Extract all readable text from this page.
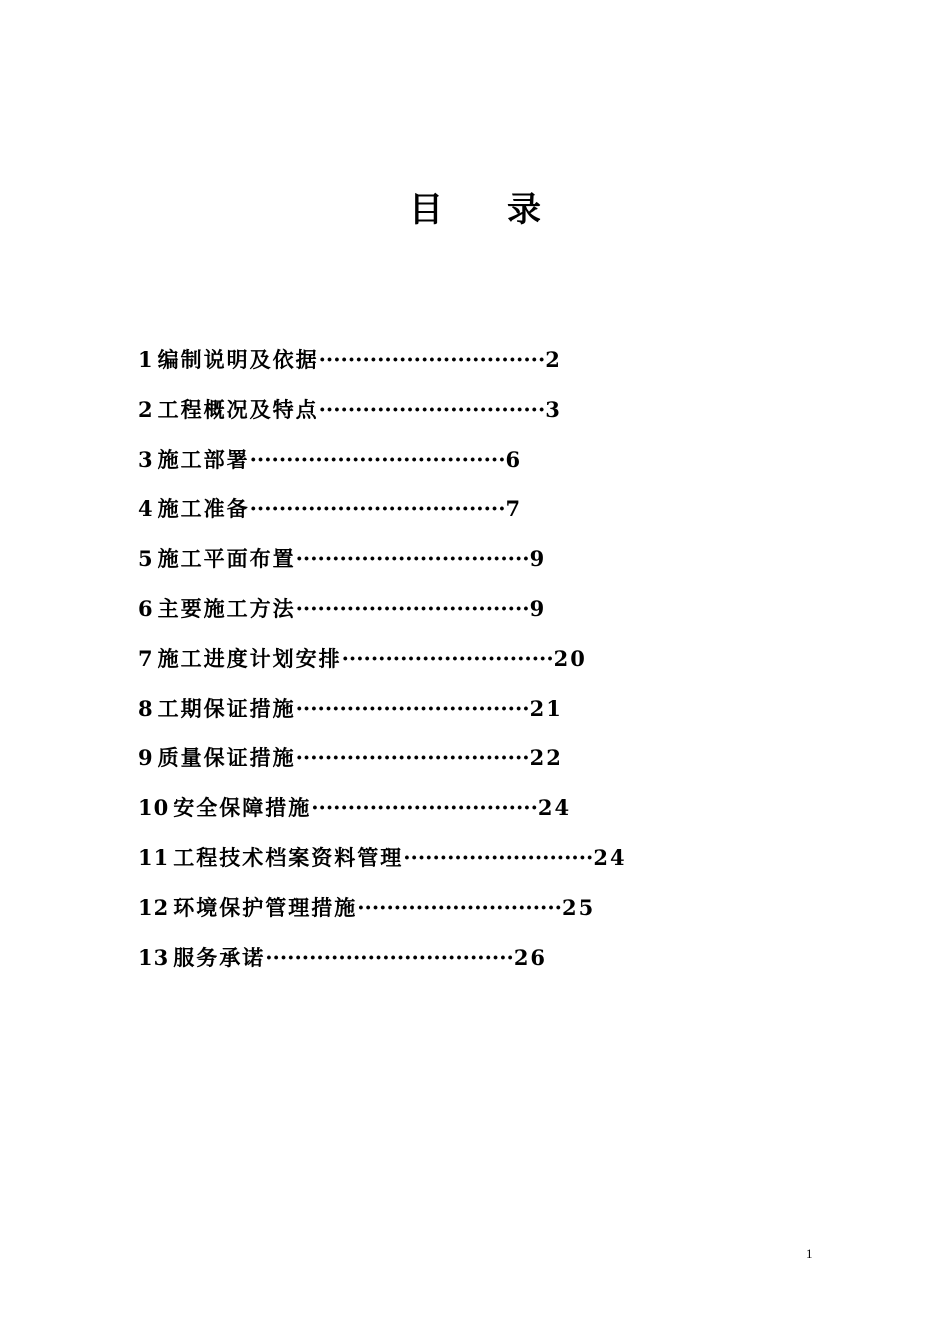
目 录
1 编制说明及依据 ······························· 2
2 工程概况及特点 ······························· 3
3 施工部署 ··································· 6
4 施工准备 ··································· 7
5 施工平面布置 ································ 9
6 主要施工方法 ································ 9
7 施工进度计划安排 ····························· 20
8 工期保证措施 ································ 21
9 质量保证措施 ································ 22
10 安全保障措施 ······························· 24
11 工程技术档案资料管理 ·························· 24
12 环境保护管理措施 ···························· 25
13 服务承诺 ·································· 26
1
